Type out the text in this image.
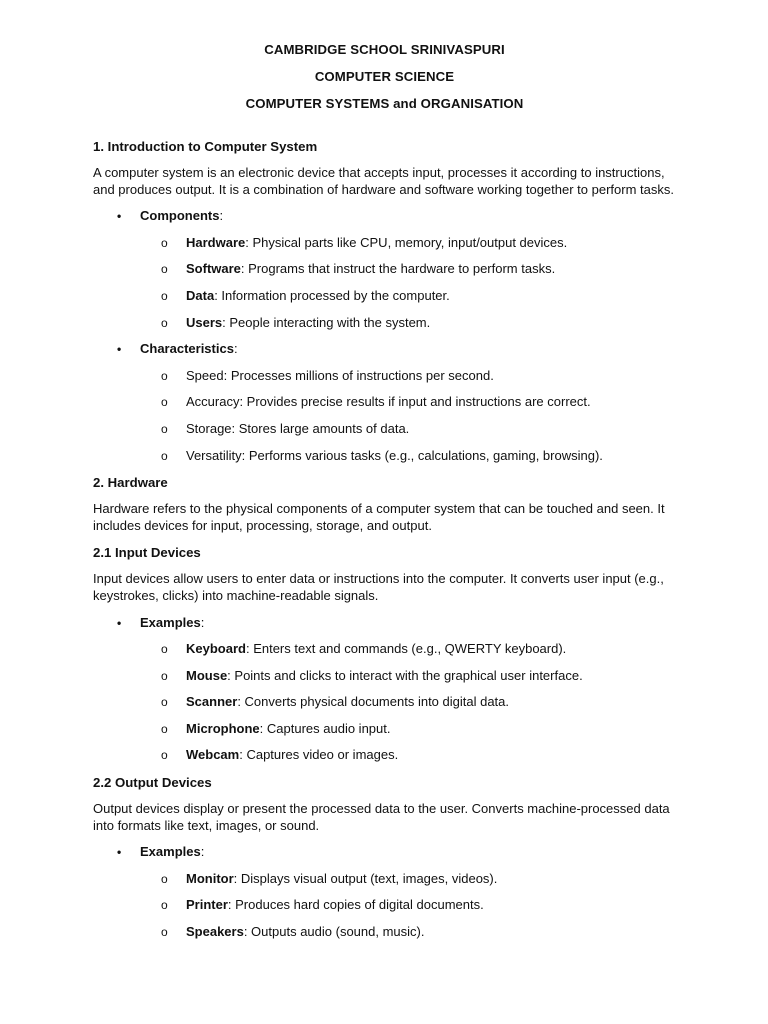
CAMBRIDGE SCHOOL SRINIVASPURI
COMPUTER SCIENCE
COMPUTER SYSTEMS and ORGANISATION
1. Introduction to Computer System
A computer system is an electronic device that accepts input, processes it according to instructions, and produces output. It is a combination of hardware and software working together to perform tasks.
• Components:
o Hardware: Physical parts like CPU, memory, input/output devices.
o Software: Programs that instruct the hardware to perform tasks.
o Data: Information processed by the computer.
o Users: People interacting with the system.
• Characteristics:
o Speed: Processes millions of instructions per second.
o Accuracy: Provides precise results if input and instructions are correct.
o Storage: Stores large amounts of data.
o Versatility: Performs various tasks (e.g., calculations, gaming, browsing).
2. Hardware
Hardware refers to the physical components of a computer system that can be touched and seen. It includes devices for input, processing, storage, and output.
2.1 Input Devices
Input devices allow users to enter data or instructions into the computer. It converts user input (e.g., keystrokes, clicks) into machine-readable signals.
• Examples:
o Keyboard: Enters text and commands (e.g., QWERTY keyboard).
o Mouse: Points and clicks to interact with the graphical user interface.
o Scanner: Converts physical documents into digital data.
o Microphone: Captures audio input.
o Webcam: Captures video or images.
2.2 Output Devices
Output devices display or present the processed data to the user. Converts machine-processed data into formats like text, images, or sound.
• Examples:
o Monitor: Displays visual output (text, images, videos).
o Printer: Produces hard copies of digital documents.
o Speakers: Outputs audio (sound, music).
